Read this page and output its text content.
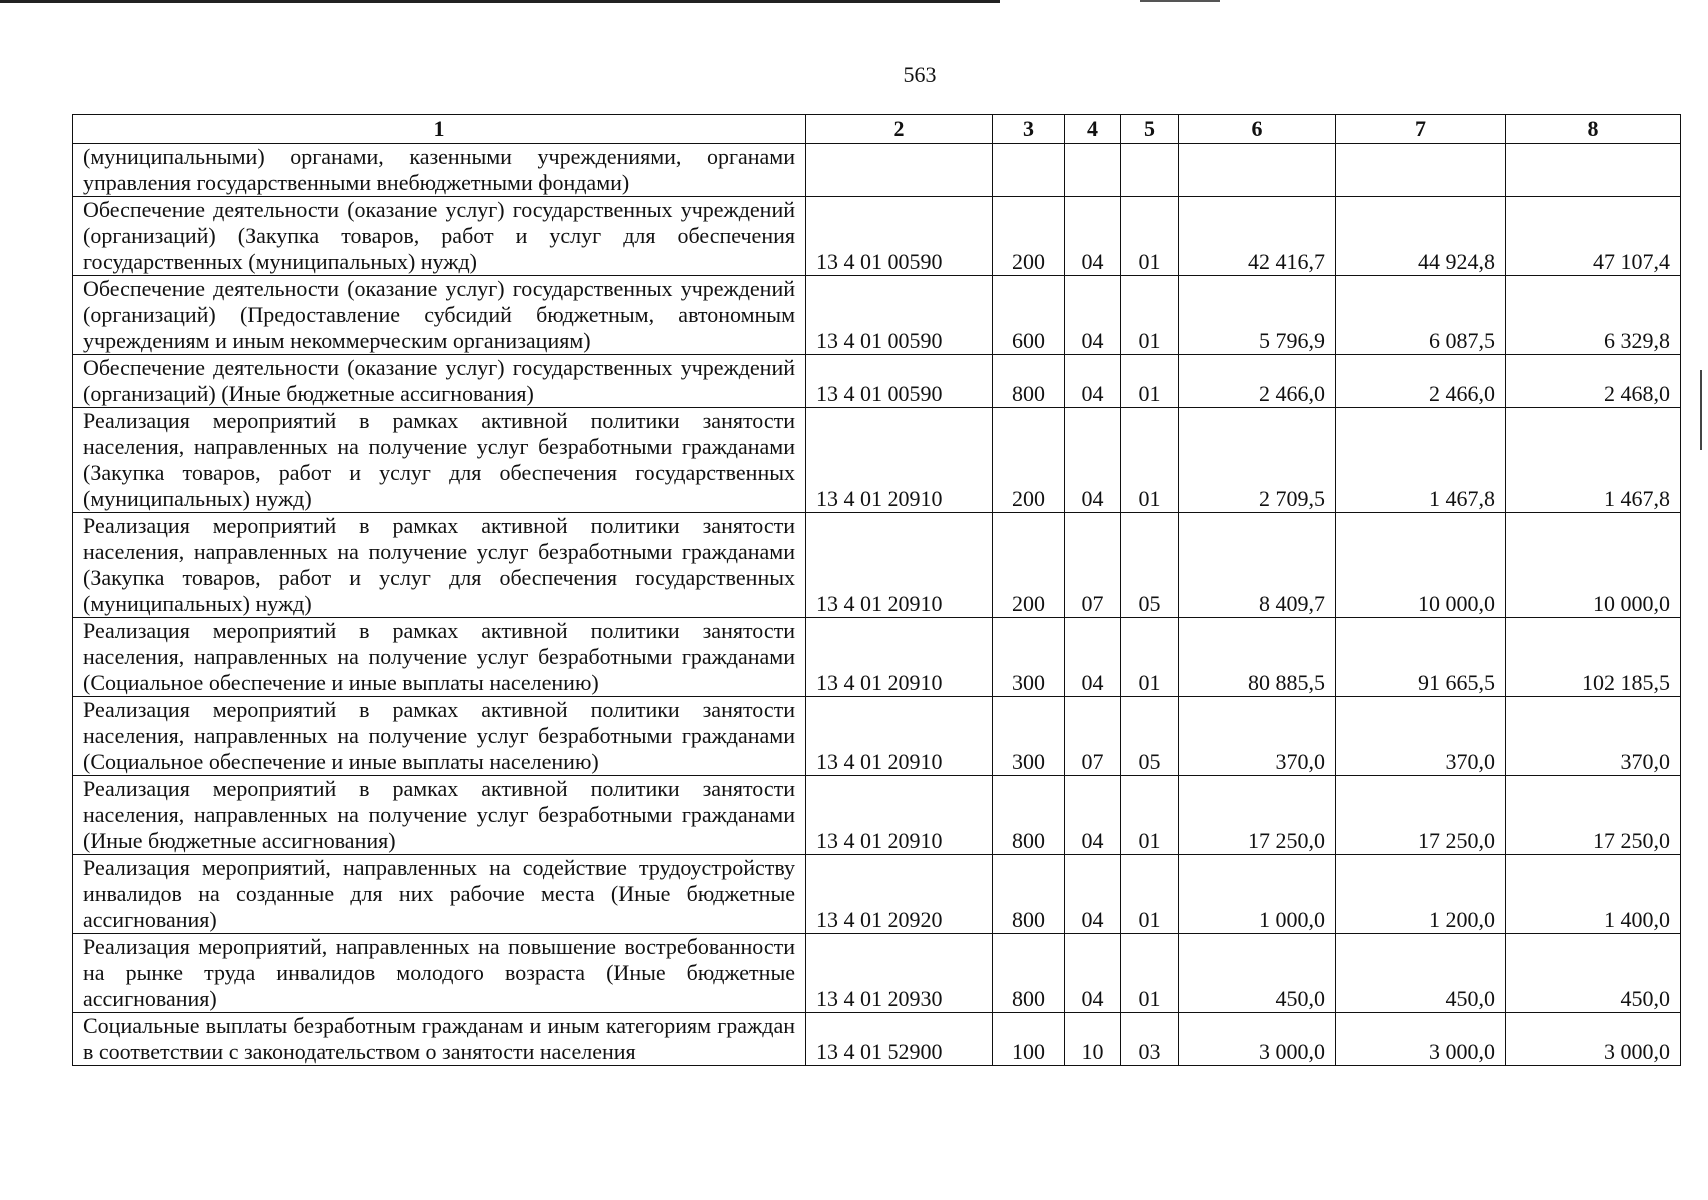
563
1	2	3	4	5	6	7	8
(муниципальными) органами, казенными учреждениями, органами управления государственными внебюджетными фондами)							
Обеспечение деятельности (оказание услуг) государственных учреждений (организаций) (Закупка товаров, работ и услуг для обеспечения государственных (муниципальных) нужд)	13 4 01 00590	200	04	01	42 416,7	44 924,8	47 107,4
Обеспечение деятельности (оказание услуг) государственных учреждений (организаций) (Предоставление субсидий бюджетным, автономным учреждениям и иным некоммерческим организациям)	13 4 01 00590	600	04	01	5 796,9	6 087,5	6 329,8
Обеспечение деятельности (оказание услуг) государственных учреждений (организаций) (Иные бюджетные ассигнования)	13 4 01 00590	800	04	01	2 466,0	2 466,0	2 468,0
Реализация мероприятий в рамках активной политики занятости населения, направленных на получение услуг безработными гражданами (Закупка товаров, работ и услуг для обеспечения государственных (муниципальных) нужд)	13 4 01 20910	200	04	01	2 709,5	1 467,8	1 467,8
Реализация мероприятий в рамках активной политики занятости населения, направленных на получение услуг безработными гражданами (Закупка товаров, работ и услуг для обеспечения государственных (муниципальных) нужд)	13 4 01 20910	200	07	05	8 409,7	10 000,0	10 000,0
Реализация мероприятий в рамках активной политики занятости населения, направленных на получение услуг безработными гражданами (Социальное обеспечение и иные выплаты населению)	13 4 01 20910	300	04	01	80 885,5	91 665,5	102 185,5
Реализация мероприятий в рамках активной политики занятости населения, направленных на получение услуг безработными гражданами (Социальное обеспечение и иные выплаты населению)	13 4 01 20910	300	07	05	370,0	370,0	370,0
Реализация мероприятий в рамках активной политики занятости населения, направленных на получение услуг безработными гражданами (Иные бюджетные ассигнования)	13 4 01 20910	800	04	01	17 250,0	17 250,0	17 250,0
Реализация мероприятий, направленных на содействие трудоустройству инвалидов на созданные для них рабочие места (Иные бюджетные ассигнования)	13 4 01 20920	800	04	01	1 000,0	1 200,0	1 400,0
Реализация мероприятий, направленных на повышение востребованности на рынке труда инвалидов молодого возраста (Иные бюджетные ассигнования)	13 4 01 20930	800	04	01	450,0	450,0	450,0
Социальные выплаты безработным гражданам и иным категориям граждан в соответствии с законодательством о занятости населения	13 4 01 52900	100	10	03	3 000,0	3 000,0	3 000,0
